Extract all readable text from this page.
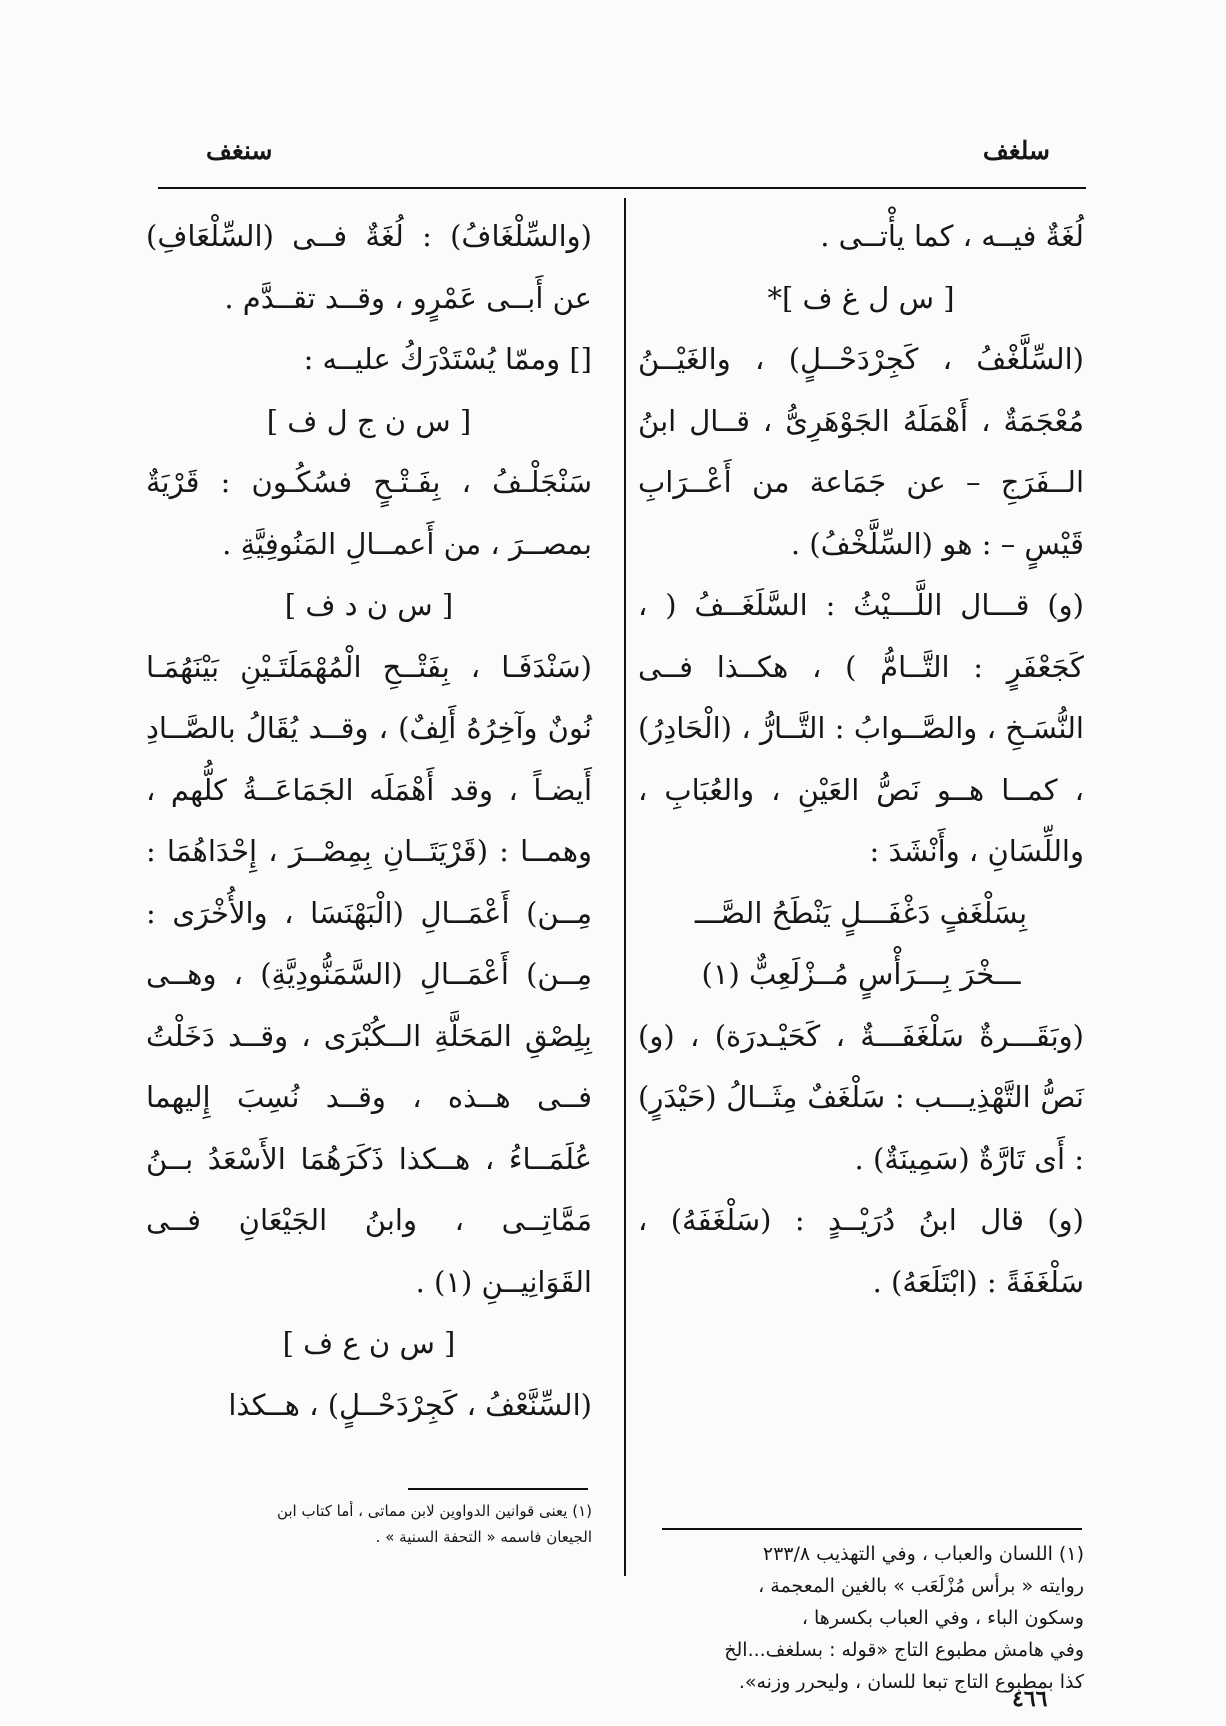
سلغف
سنغف

لُغَةٌ فيــه ، كما يأْتــى .

[ س ل غ ف ]*

(السِّلَّغْفُ ، كَجِرْدَحْــلٍ) ، والغَيْــنُ مُعْجَمَةٌ ، أَهْمَلَهُ الجَوْهَرِىُّ ، قــال ابنُ الــفَرَجِ – عن جَمَاعة من أَعْــرَابِ قَيْسٍ – : هو (السِّلَّخْفُ) .

(و) قـــال اللَّـــيْثُ : السَّلَغَــفُ ( ، كَجَعْفَرٍ : التَّــامُّ ) ، هكــذا فــى النُّسَـخِ ، والصَّــوابُ : التَّــارُّ ، (الْحَادِرُ) ، كمــا هــو نَصُّ العَيْنِ ، والعُبَابِ ، واللِّسَانِ ، وأَنْشَدَ :

بِسَلْغَفٍ دَغْفَـــلٍ يَنْطَحُ الصَّـــ

ـــخْرَ بِـــرَأْسٍ مُــزْلَعِبٌّ (١)

(وبَقَـــرةٌ سَلْغَفَـــةٌ ، كَحَيْـدرَة) ، (و) نَصُّ التَّهْذِيـــب : سَلْغَفٌ مِثَــالُ (حَيْدَرٍ) : أَى تَارَّةٌ (سَمِينَةٌ) .

(و) قال ابنُ دُرَيْــدٍ : (سَلْغَفَهُ) ، سَلْغَفَةً : (ابْتَلَعَهُ) .

(والسِّلْغَافُ) : لُغَةٌ فــى (السِّلْعَافِ) عن أَبــى عَمْرٍو ، وقــد تقــدَّم .

[] وممّا يُسْتَدْرَكُ عليــه :

[ س ن ج ل ف ]

سَنْجَلْـفُ ، بِفَـتْـحٍ فسُكُـون : قَرْيَةٌ بمصــرَ ، من أَعمــالِ المَنُوفِيَّةِ .

[ س ن د ف ]

(سَنْدَفَـا ، بِفَتْــحِ الْمُهْمَلَتَـيْنِ بَيْنَهُمَـا نُونٌ وآخِرُهُ أَلِفٌ) ، وقــد يُقَالُ بالصَّــادِ أَيضـاً ، وقد أَهْمَلَه الجَمَاعَــةُ كلُّهم ، وهمــا : (قَرْيَتَــانِ بِمِصْــرَ ، إِحْدَاهُمَا : مِــن) أَعْمَــالِ (الْبَهْنَسَا ، والأُخْرَى : مِــن) أَعْمَــالِ (السَّمَنُّودِيَّةِ) ، وهــى بِلِصْقِ المَحَلَّةِ الــكُبْرَى ، وقــد دَخَلْتُ فــى هــذه ، وقــد نُسِبَ إِليهما عُلَمَــاءُ ، هــكذا ذَكَرَهُمَا الأَسْعَدُ بــنُ مَمَّاتِــى ، وابنُ الجَيْعَانِ فــى القَوَانِيــنِ (١) .

[ س ن ع ف ]

(السِّنَّعْفُ ، كَجِرْدَحْــلٍ) ، هــكذا

(١) اللسان والعباب ، وفي التهذيب ٢٣٣/٨

روايته « برأس مُزْلَعَب » بالغين المعجمة ،

وسكون الباء ، وفي العباب بكسرها ،

وفي هامش مطبوع التاج «قوله : بسلغف...الخ

كذا بمطبوع التاج تبعا للسان ، وليحرر وزنه».

(١) يعنى قوانين الدواوين لابن مماتى ، أما كتاب ابن

الجيعان فاسمه « التحفة السنية » .

٤٦٦
